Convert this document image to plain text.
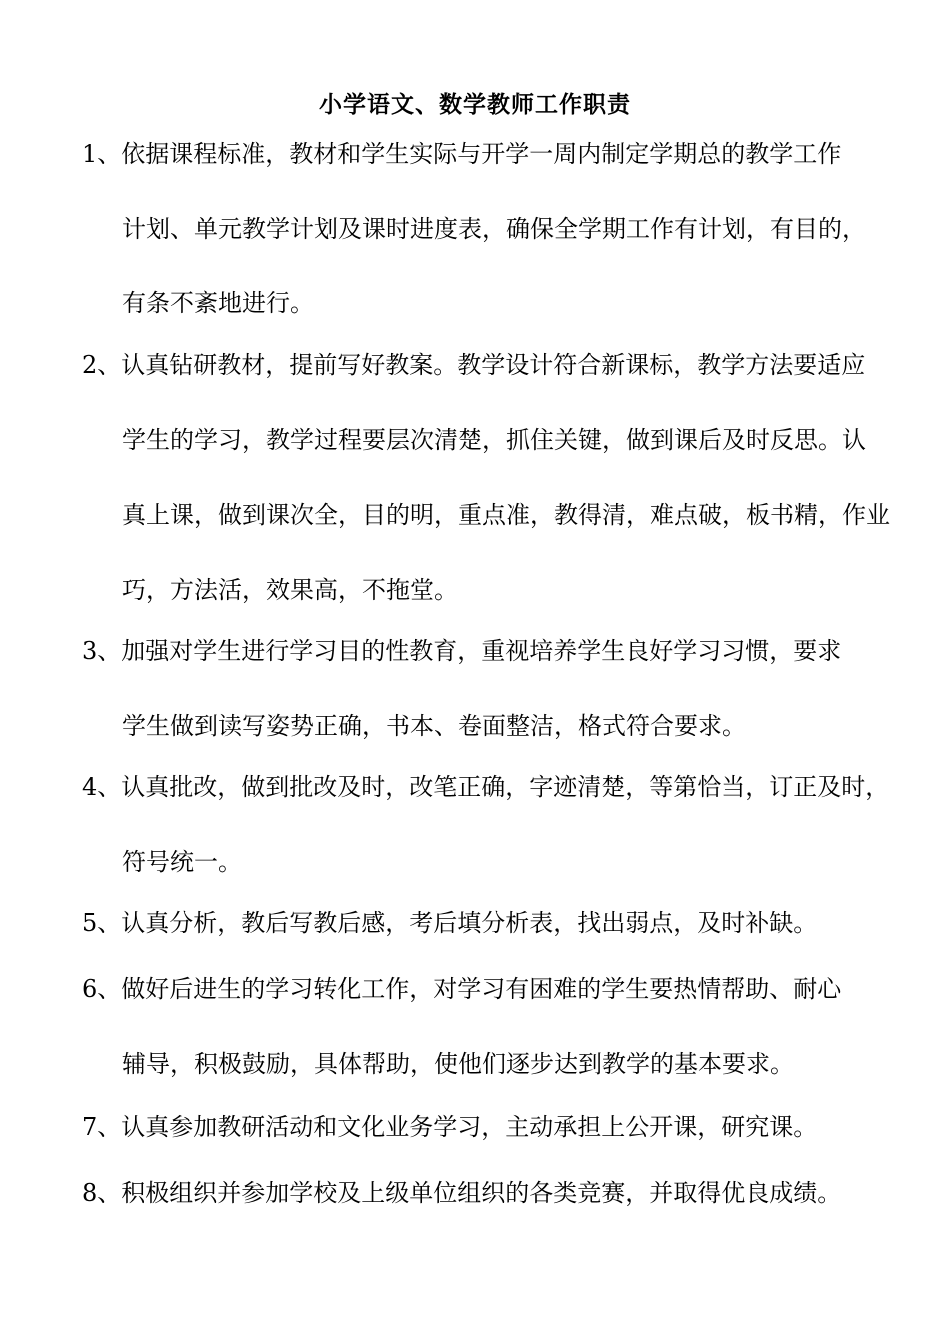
小学语文、数学教师工作职责
1、依据课程标准，教材和学生实际与开学一周内制定学期总的教学工作
计划、单元教学计划及课时进度表，确保全学期工作有计划，有目的，
有条不紊地进行。
2、认真钻研教材，提前写好教案。教学设计符合新课标，教学方法要适应
学生的学习，教学过程要层次清楚，抓住关键，做到课后及时反思。认
真上课，做到课次全，目的明，重点准，教得清，难点破，板书精，作业
巧，方法活，效果高，不拖堂。
3、加强对学生进行学习目的性教育，重视培养学生良好学习习惯，要求
学生做到读写姿势正确，书本、卷面整洁，格式符合要求。
4、认真批改，做到批改及时，改笔正确，字迹清楚，等第恰当，订正及时，
符号统一。
5、认真分析，教后写教后感，考后填分析表，找出弱点，及时补缺。
6、做好后进生的学习转化工作，对学习有困难的学生要热情帮助、耐心
辅导，积极鼓励，具体帮助，使他们逐步达到教学的基本要求。
7、认真参加教研活动和文化业务学习，主动承担上公开课，研究课。
8、积极组织并参加学校及上级单位组织的各类竞赛，并取得优良成绩。
